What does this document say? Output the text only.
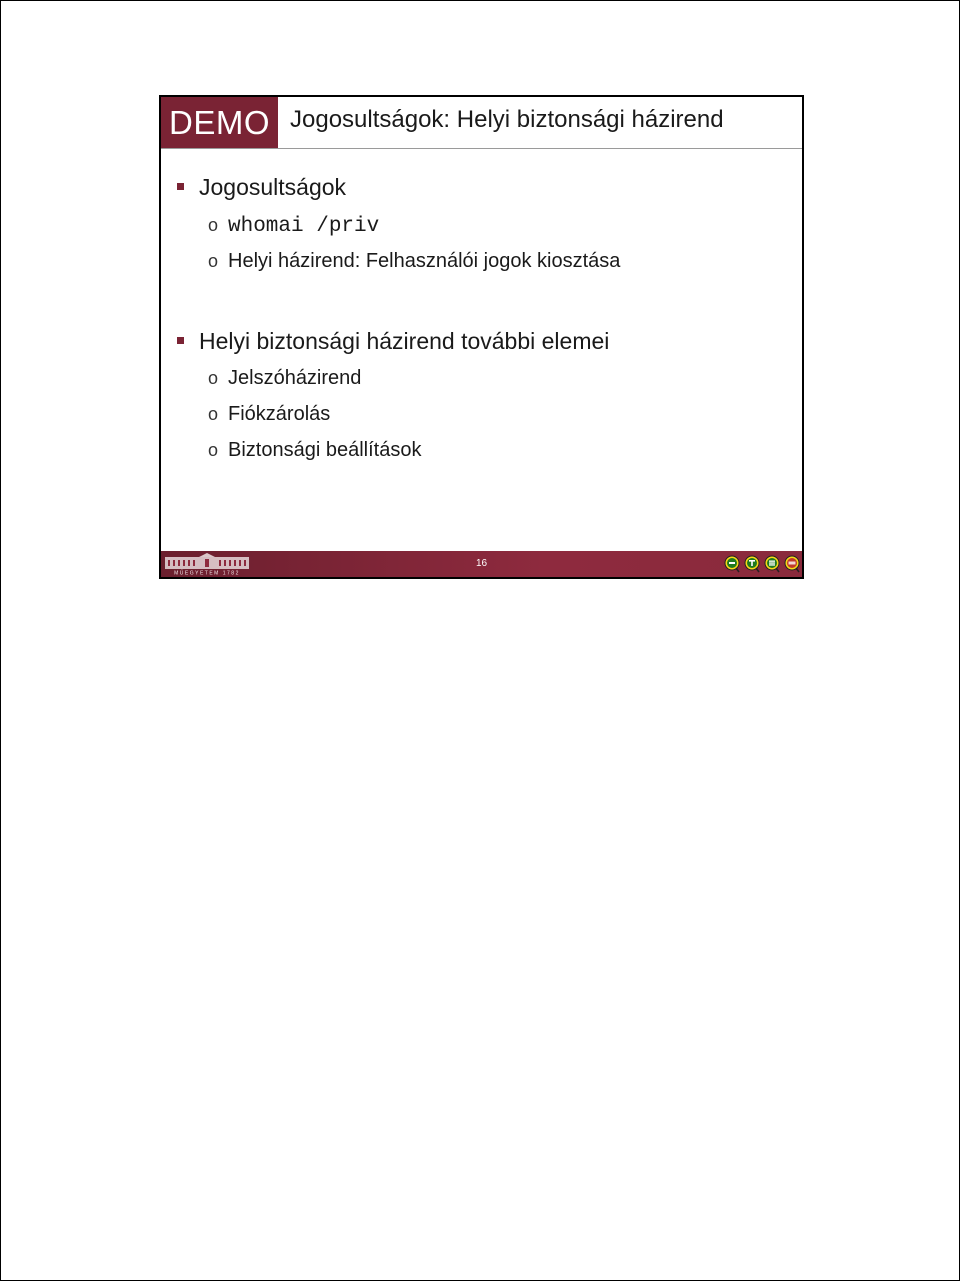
DEMO Jogosultságok: Helyi biztonsági házirend
Jogosultságok
o whomai /priv
o Helyi házirend: Felhasználói jogok kiosztása
Helyi biztonsági házirend további elemei
o Jelszóházirend
o Fiókzárolás
o Biztonsági beállítások
MŰEGYETEM 1782
16
